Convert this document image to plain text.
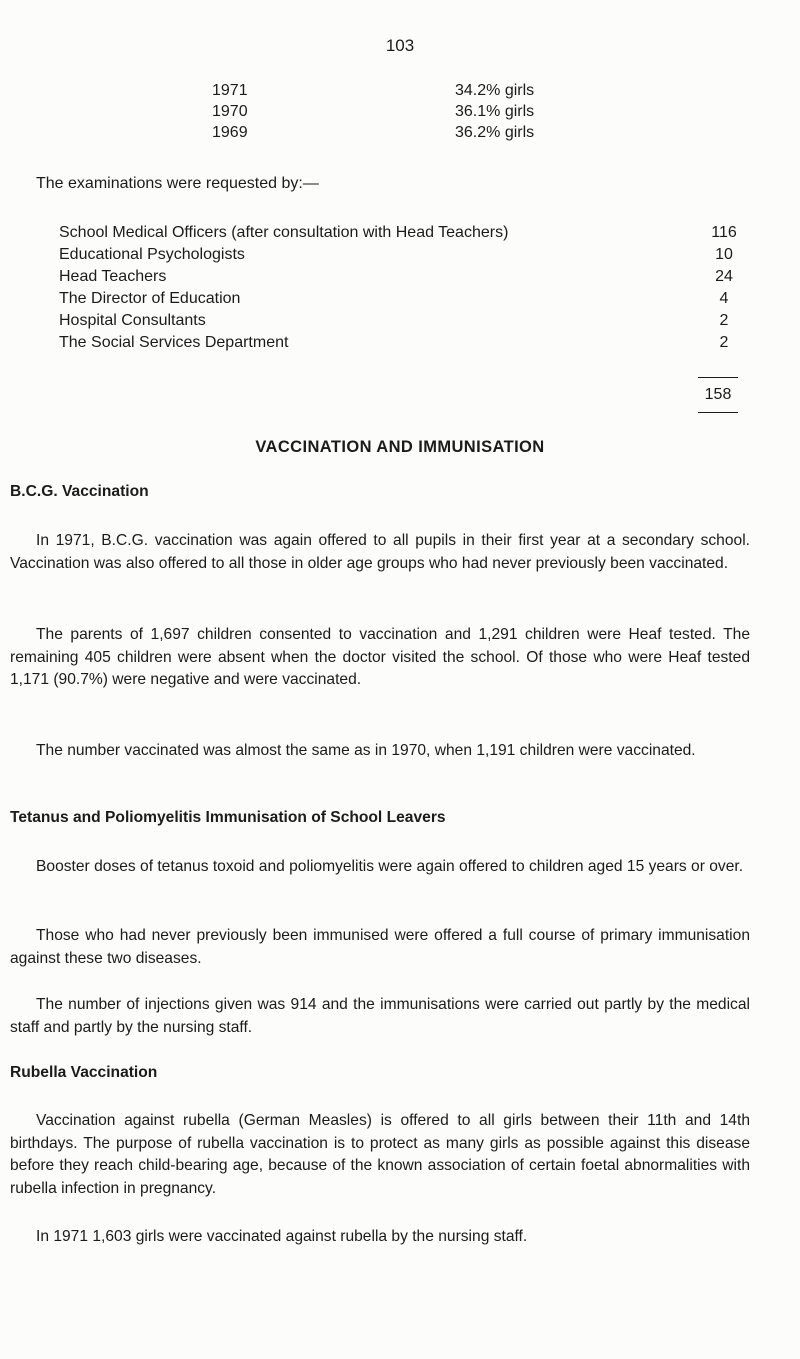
103
1971	34.2% girls
1970	36.1% girls
1969	36.2% girls
The examinations were requested by:—
School Medical Officers (after consultation with Head Teachers)	116
Educational Psychologists	10
Head Teachers	24
The Director of Education	4
Hospital Consultants	2
The Social Services Department	2
158
VACCINATION AND IMMUNISATION
B.C.G. Vaccination
In 1971, B.C.G. vaccination was again offered to all pupils in their first year at a secondary school. Vaccination was also offered to all those in older age groups who had never previously been vaccinated.
The parents of 1,697 children consented to vaccination and 1,291 children were Heaf tested. The remaining 405 children were absent when the doctor visited the school. Of those who were Heaf tested 1,171 (90.7%) were negative and were vaccinated.
The number vaccinated was almost the same as in 1970, when 1,191 children were vaccinated.
Tetanus and Poliomyelitis Immunisation of School Leavers
Booster doses of tetanus toxoid and poliomyelitis were again offered to children aged 15 years or over.
Those who had never previously been immunised were offered a full course of primary immunisation against these two diseases.
The number of injections given was 914 and the immunisations were carried out partly by the medical staff and partly by the nursing staff.
Rubella Vaccination
Vaccination against rubella (German Measles) is offered to all girls between their 11th and 14th birthdays. The purpose of rubella vaccination is to protect as many girls as possible against this disease before they reach child-bearing age, because of the known association of certain foetal abnormalities with rubella infection in pregnancy.
In 1971 1,603 girls were vaccinated against rubella by the nursing staff.
